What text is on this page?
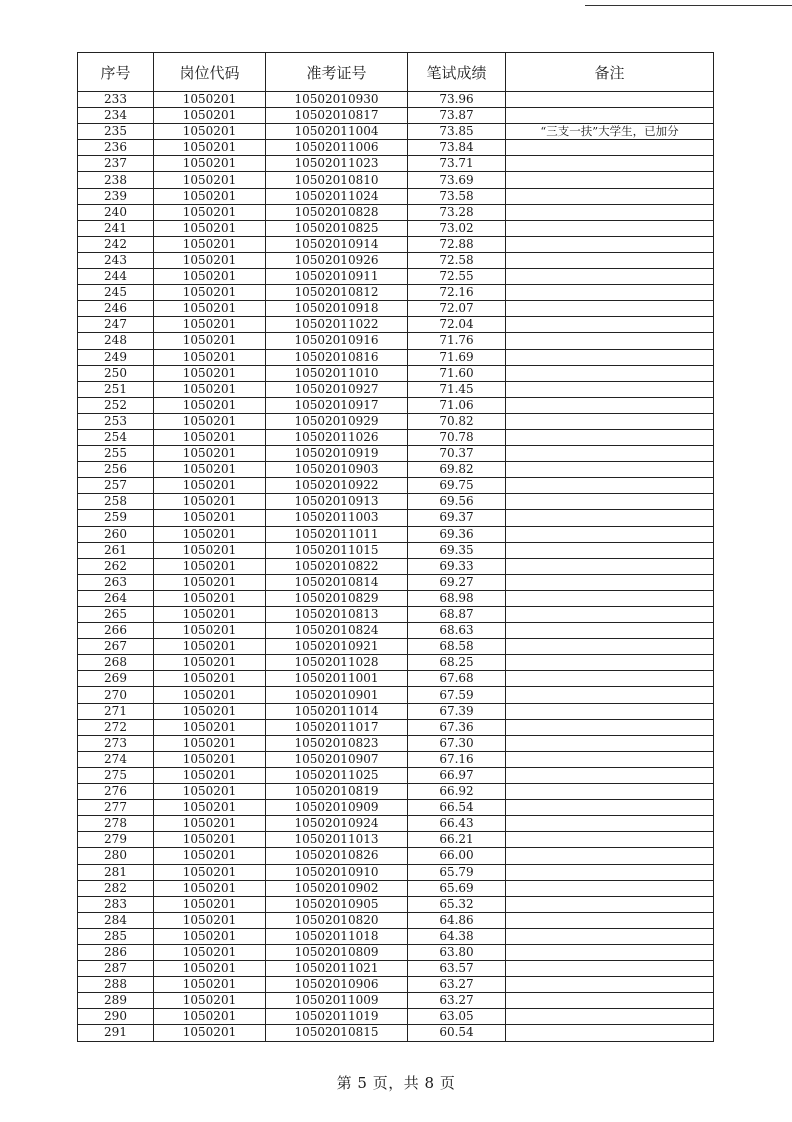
序号	岗位代码	准考证号	笔试成绩	备注
233	1050201	10502010930	73.96	
234	1050201	10502010817	73.87	
235	1050201	10502011004	73.85	“三支一扶”大学生，已加分
236	1050201	10502011006	73.84	
237	1050201	10502011023	73.71	
238	1050201	10502010810	73.69	
239	1050201	10502011024	73.58	
240	1050201	10502010828	73.28	
241	1050201	10502010825	73.02	
242	1050201	10502010914	72.88	
243	1050201	10502010926	72.58	
244	1050201	10502010911	72.55	
245	1050201	10502010812	72.16	
246	1050201	10502010918	72.07	
247	1050201	10502011022	72.04	
248	1050201	10502010916	71.76	
249	1050201	10502010816	71.69	
250	1050201	10502011010	71.60	
251	1050201	10502010927	71.45	
252	1050201	10502010917	71.06	
253	1050201	10502010929	70.82	
254	1050201	10502011026	70.78	
255	1050201	10502010919	70.37	
256	1050201	10502010903	69.82	
257	1050201	10502010922	69.75	
258	1050201	10502010913	69.56	
259	1050201	10502011003	69.37	
260	1050201	10502011011	69.36	
261	1050201	10502011015	69.35	
262	1050201	10502010822	69.33	
263	1050201	10502010814	69.27	
264	1050201	10502010829	68.98	
265	1050201	10502010813	68.87	
266	1050201	10502010824	68.63	
267	1050201	10502010921	68.58	
268	1050201	10502011028	68.25	
269	1050201	10502011001	67.68	
270	1050201	10502010901	67.59	
271	1050201	10502011014	67.39	
272	1050201	10502011017	67.36	
273	1050201	10502010823	67.30	
274	1050201	10502010907	67.16	
275	1050201	10502011025	66.97	
276	1050201	10502010819	66.92	
277	1050201	10502010909	66.54	
278	1050201	10502010924	66.43	
279	1050201	10502011013	66.21	
280	1050201	10502010826	66.00	
281	1050201	10502010910	65.79	
282	1050201	10502010902	65.69	
283	1050201	10502010905	65.32	
284	1050201	10502010820	64.86	
285	1050201	10502011018	64.38	
286	1050201	10502010809	63.80	
287	1050201	10502011021	63.57	
288	1050201	10502010906	63.27	
289	1050201	10502011009	63.27	
290	1050201	10502011019	63.05	
291	1050201	10502010815	60.54	
第 5 页，共 8 页
